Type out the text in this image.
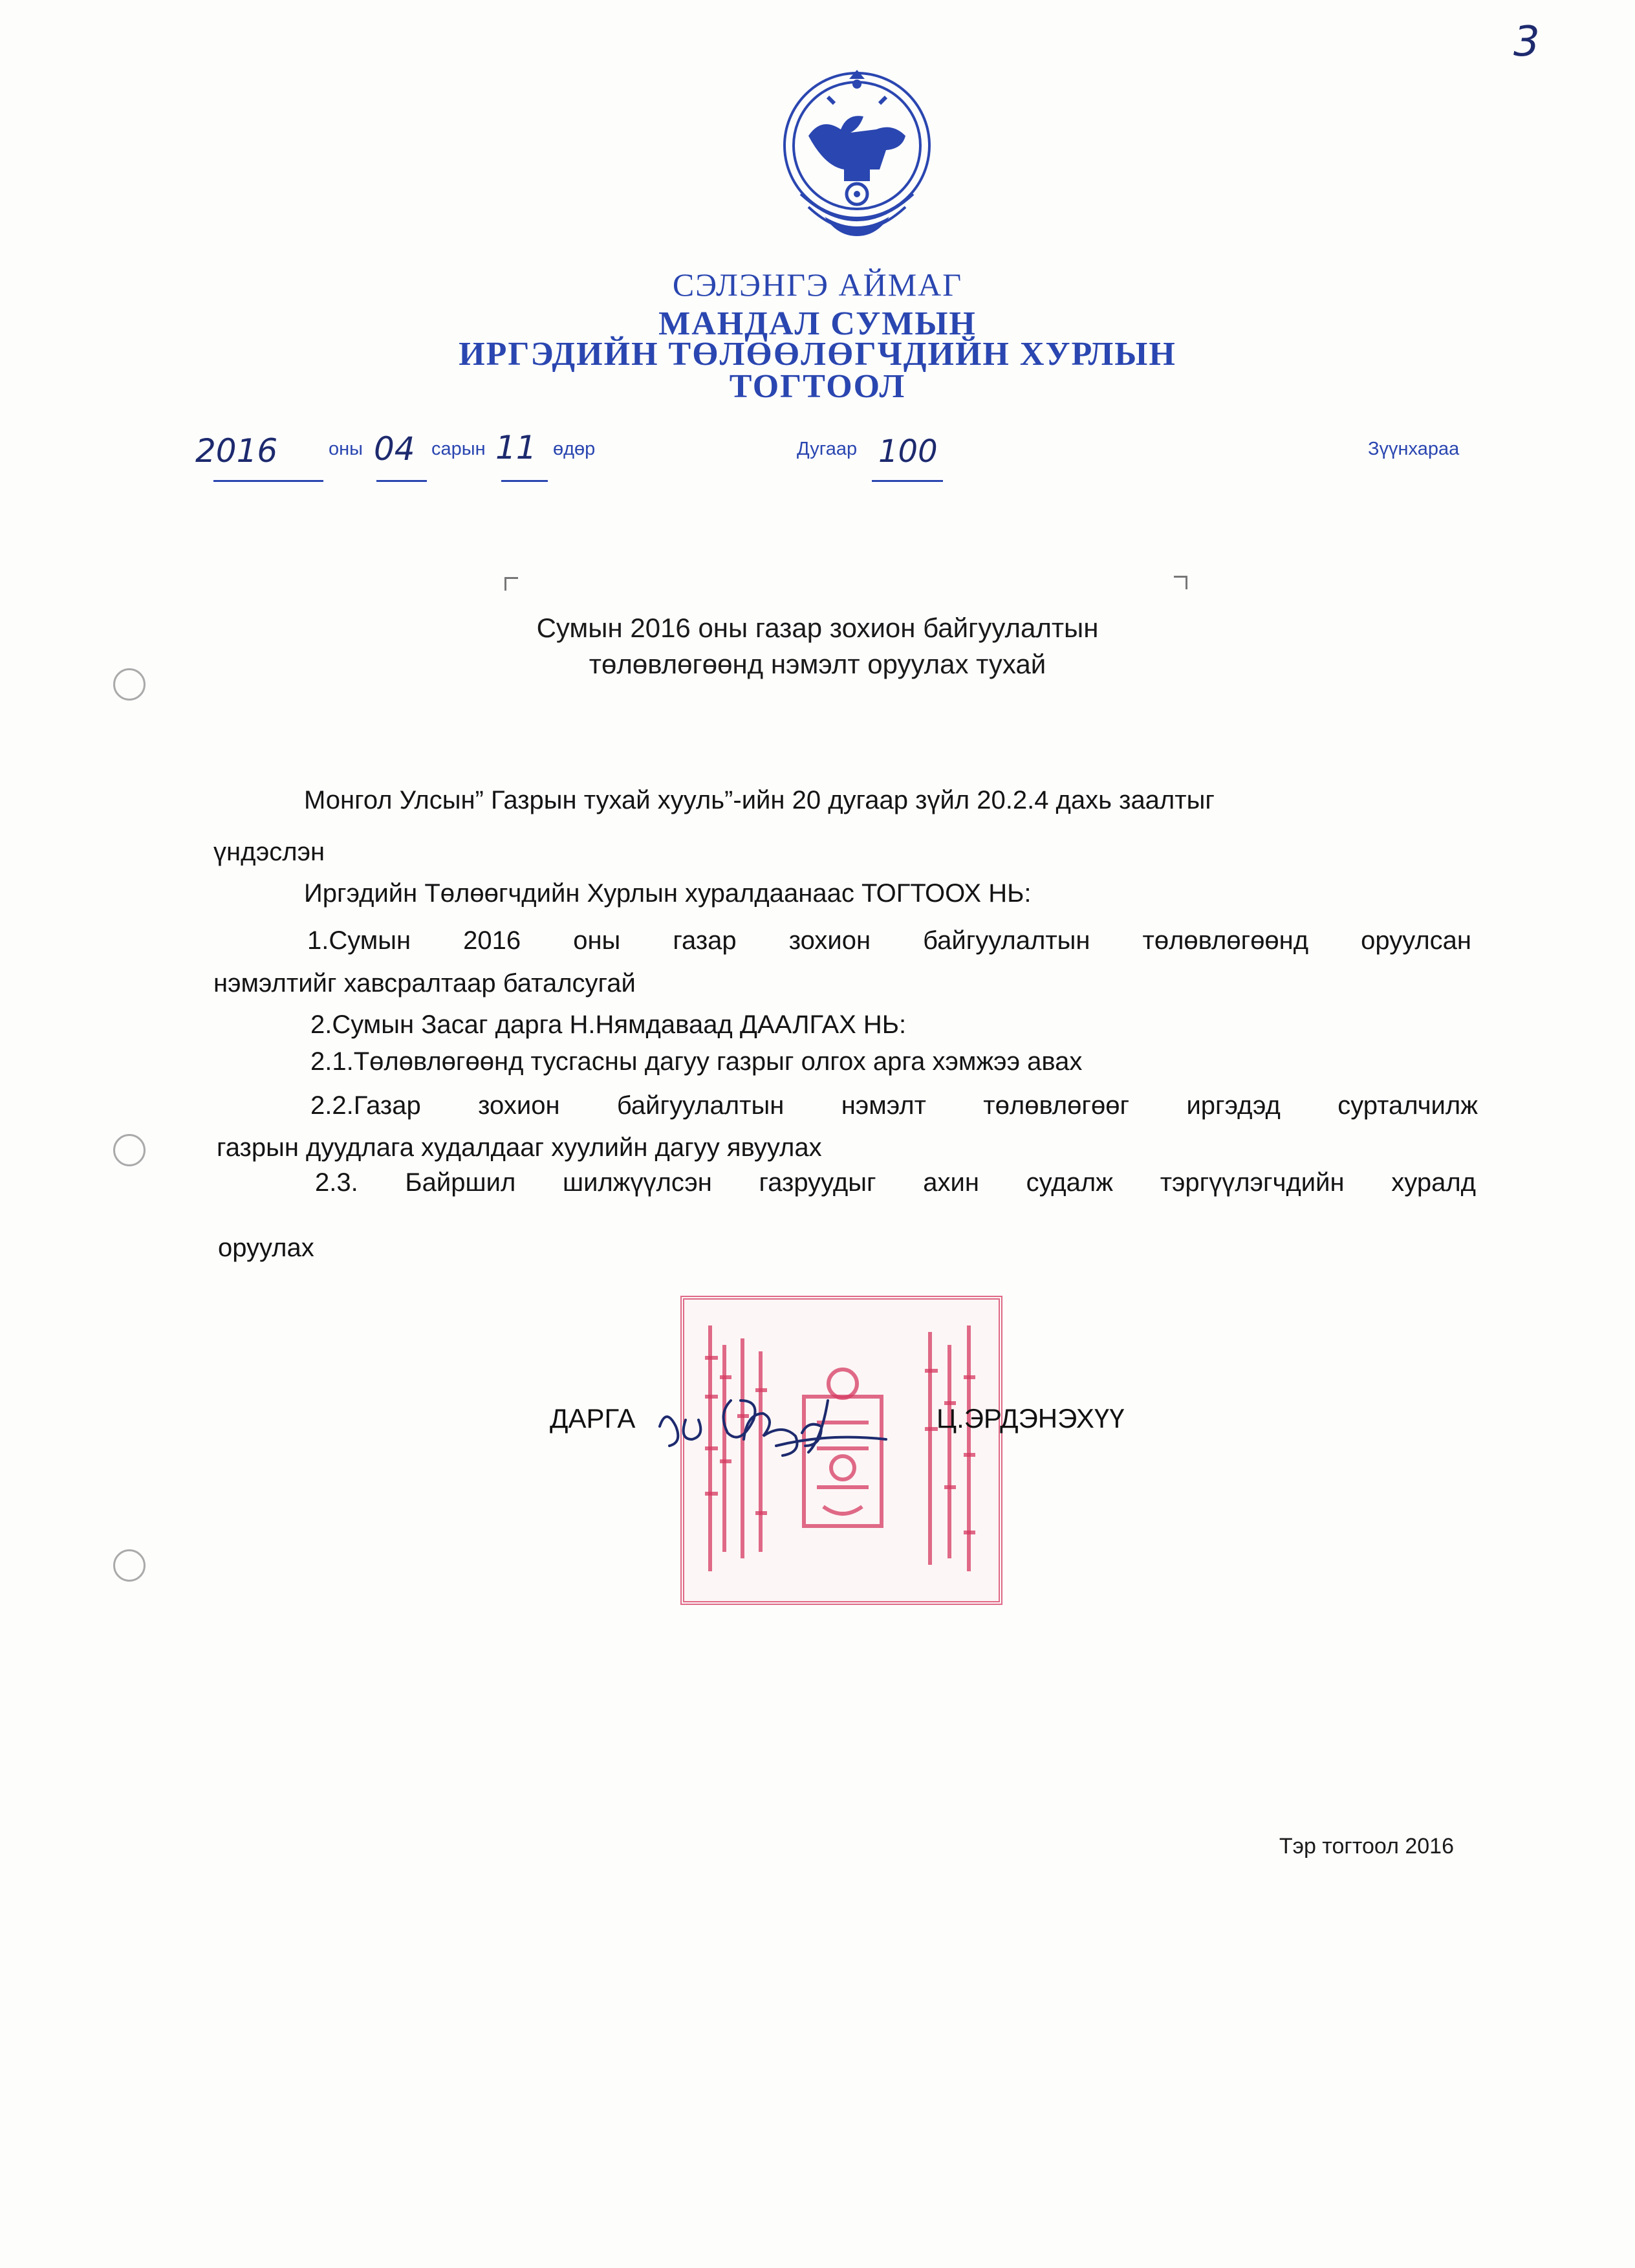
3
СЭЛЭНГЭ АЙМАГ
МАНДАЛ СУМЫН
ИРГЭДИЙН ТӨЛӨӨЛӨГЧДИЙН ХУРЛЫН
ТОГТООЛ
оны	сарын	өдөр	Дугаар	Зүүнхараа
2016	04 11	100
Сумын 2016 оны газар зохион байгуулалтын
төлөвлөгөөнд нэмэлт оруулах тухай
Монгол Улсын” Газрын тухай хууль”-ийн 20 дугаар зүйл 20.2.4 дахь заалтыг
үндэслэн
Иргэдийн Төлөөгчдийн Хурлын хуралдаанаас ТОГТООХ НЬ:
1.Сумын 2016 оны газар зохион байгуулалтын төлөвлөгөөнд оруулсан
нэмэлтийг хавсралтаар баталсугай
2.Сумын Засаг дарга Н.Нямдаваад ДААЛГАХ НЬ:
2.1.Төлөвлөгөөнд тусгасны дагуу газрыг олгох арга хэмжээ авах
2.2.Газар зохион байгуулалтын нэмэлт төлөвлөгөөг иргэдэд сурталчилж
газрын дуудлага худалдааг хуулийн дагуу явуулах
2.3. Байршил шилжүүлсэн газруудыг ахин судалж тэргүүлэгчдийн хуралд
оруулах
ДАРГА	Ц.ЭРДЭНЭХҮҮ
Тэр тогтоол 2016
